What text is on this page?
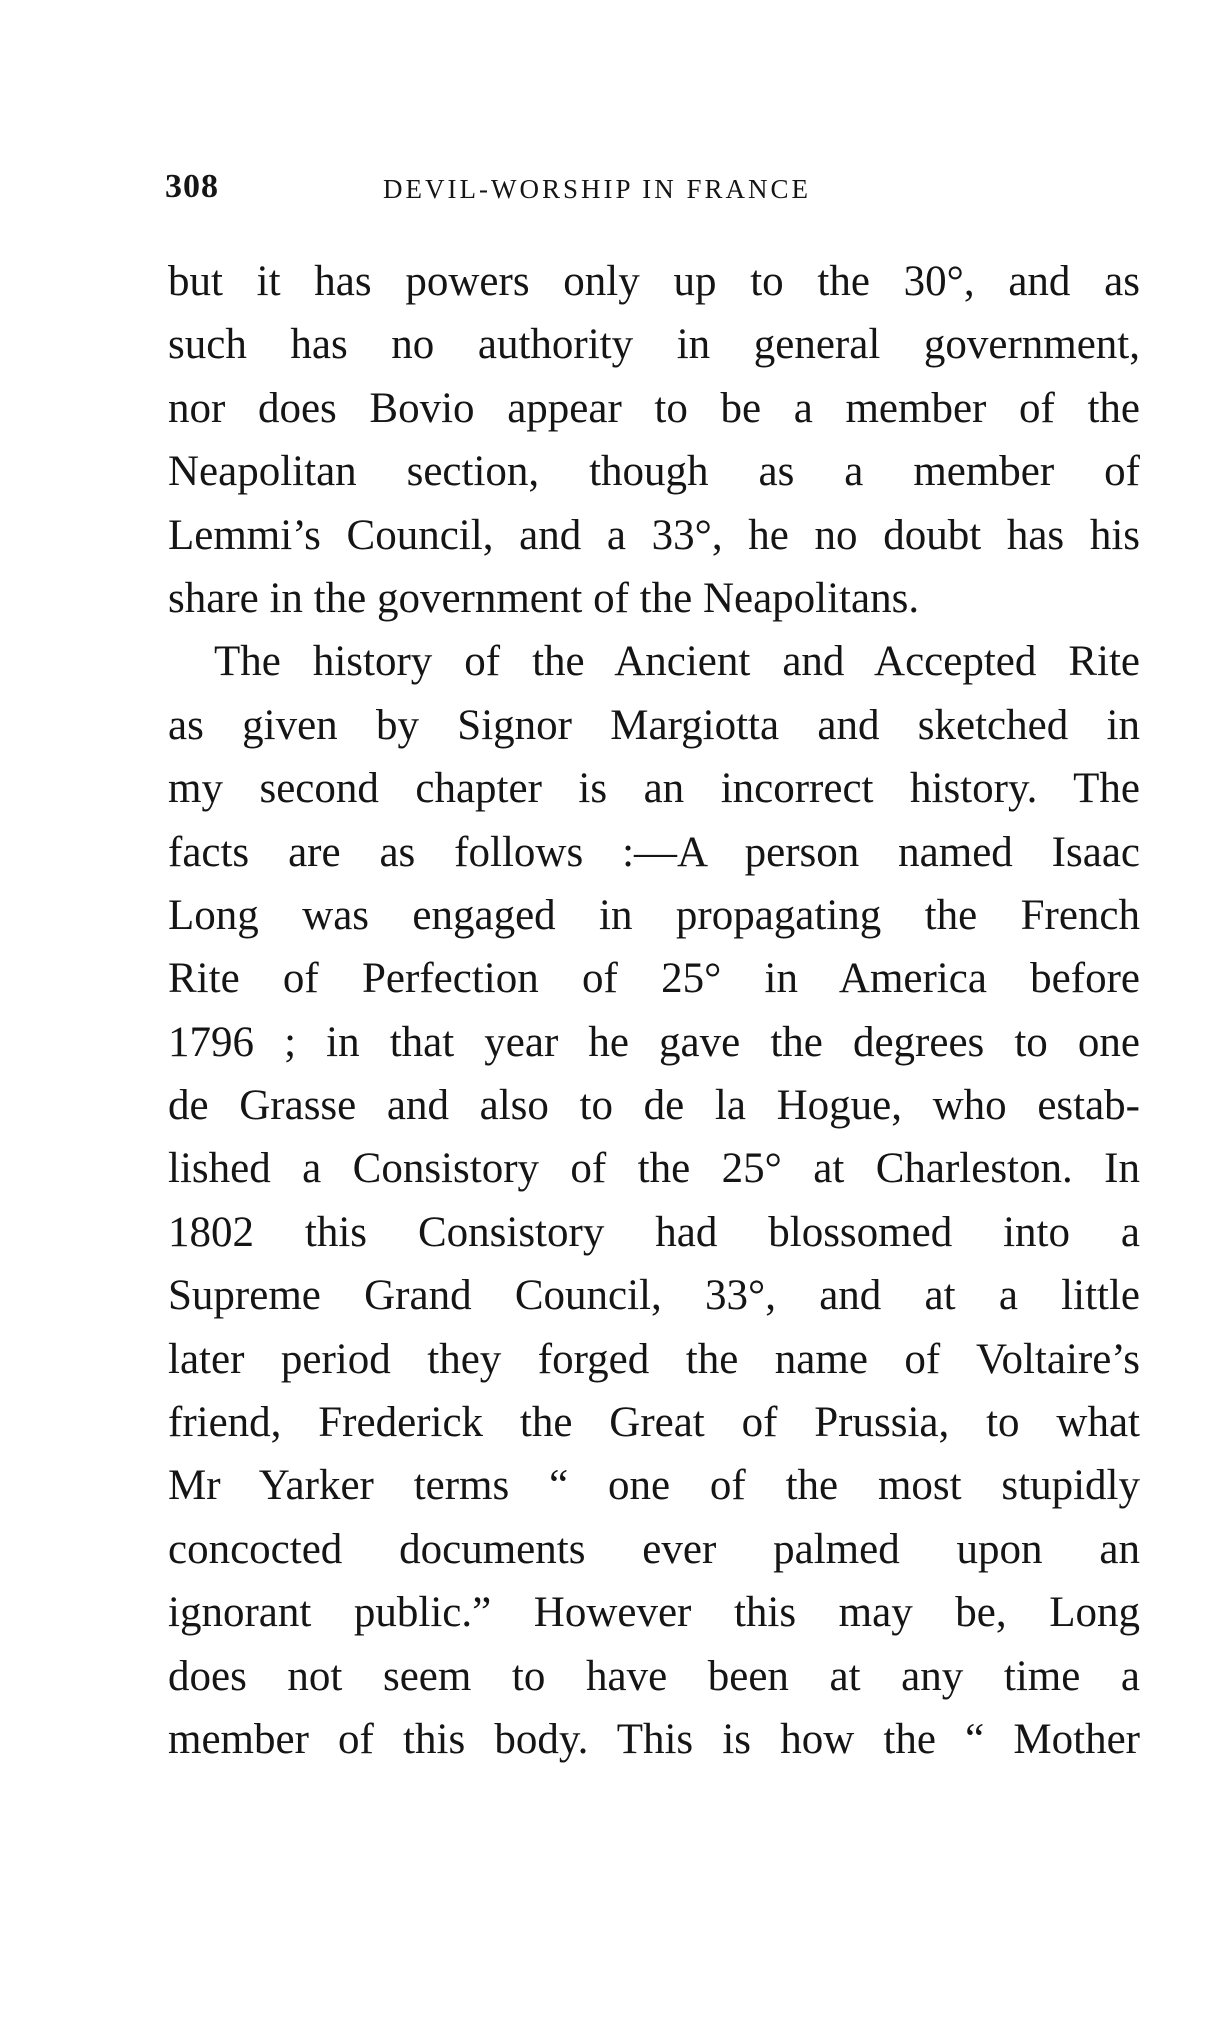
308	DEVIL-WORSHIP IN FRANCE
but it has powers only up to the 30°, and as
such has no authority in general government,
nor does Bovio appear to be a member of the
Neapolitan section, though as a member of
Lemmi’s Council, and a 33°, he no doubt has his
share in the government of the Neapolitans.
The history of the Ancient and Accepted Rite
as given by Signor Margiotta and sketched in
my second chapter is an incorrect history. The
facts are as follows :—A person named Isaac
Long was engaged in propagating the French
Rite of Perfection of 25° in America before
1796 ; in that year he gave the degrees to one
de Grasse and also to de la Hogue, who estab-
lished a Consistory of the 25° at Charleston. In
1802 this Consistory had blossomed into a
Supreme Grand Council, 33°, and at a little
later period they forged the name of Voltaire’s
friend, Frederick the Great of Prussia, to what
Mr Yarker terms “ one of the most stupidly
concocted documents ever palmed upon an
ignorant public.” However this may be, Long
does not seem to have been at any time a
member of this body. This is how the “ Mother
